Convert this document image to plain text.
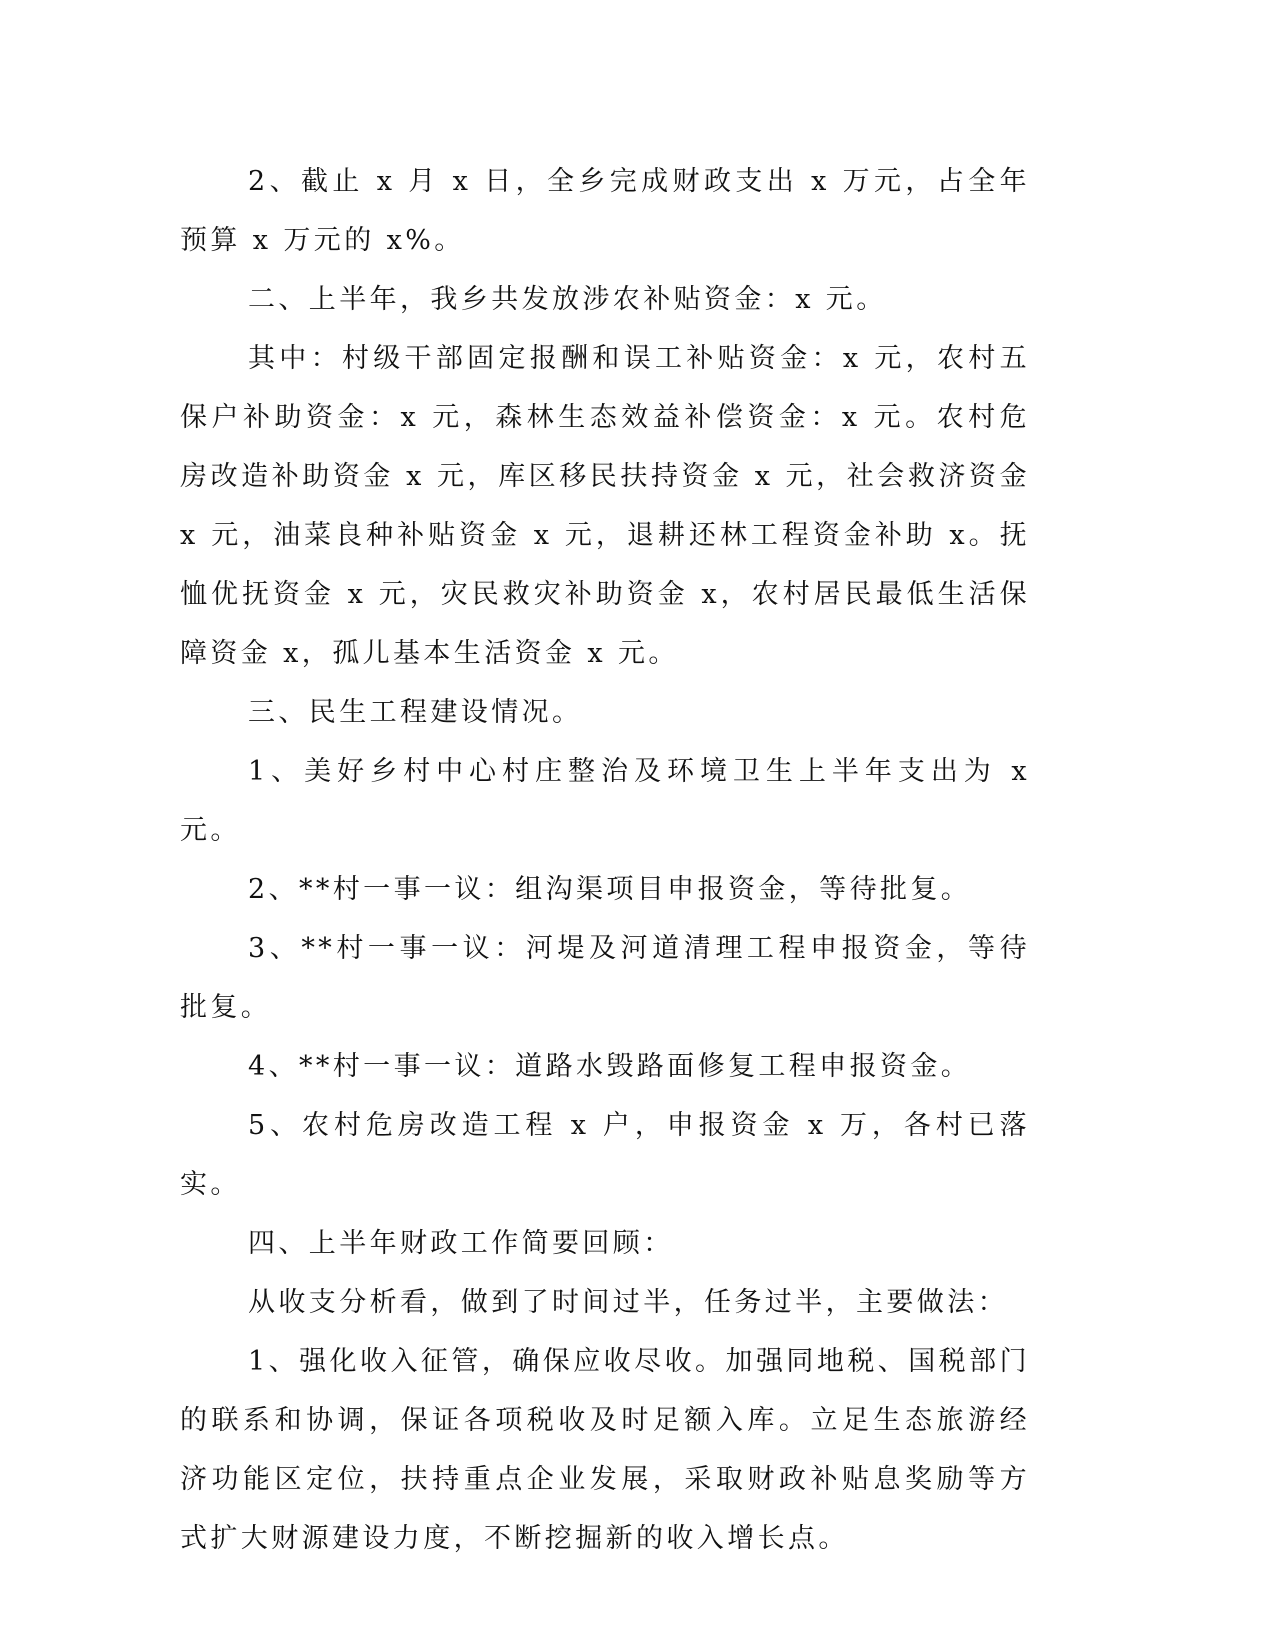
2、截止 x 月 x 日，全乡完成财政支出 x 万元，占全年预算 x 万元的 x%。

二、上半年，我乡共发放涉农补贴资金：x 元。

其中：村级干部固定报酬和误工补贴资金：x 元，农村五保户补助资金：x 元，森林生态效益补偿资金：x 元。农村危房改造补助资金 x 元，库区移民扶持资金 x 元，社会救济资金 x 元，油菜良种补贴资金 x 元，退耕还林工程资金补助 x。抚恤优抚资金 x 元，灾民救灾补助资金 x，农村居民最低生活保障资金 x，孤儿基本生活资金 x 元。

三、民生工程建设情况。

1、美好乡村中心村庄整治及环境卫生上半年支出为 x 元。

2、**村一事一议：组沟渠项目申报资金，等待批复。

3、**村一事一议：河堤及河道清理工程申报资金，等待批复。

4、**村一事一议：道路水毁路面修复工程申报资金。

5、农村危房改造工程 x 户，申报资金 x 万，各村已落实。

四、上半年财政工作简要回顾：

从收支分析看，做到了时间过半，任务过半，主要做法：

1、强化收入征管，确保应收尽收。加强同地税、国税部门的联系和协调，保证各项税收及时足额入库。立足生态旅游经济功能区定位，扶持重点企业发展，采取财政补贴息奖励等方式扩大财源建设力度，不断挖掘新的收入增长点。
